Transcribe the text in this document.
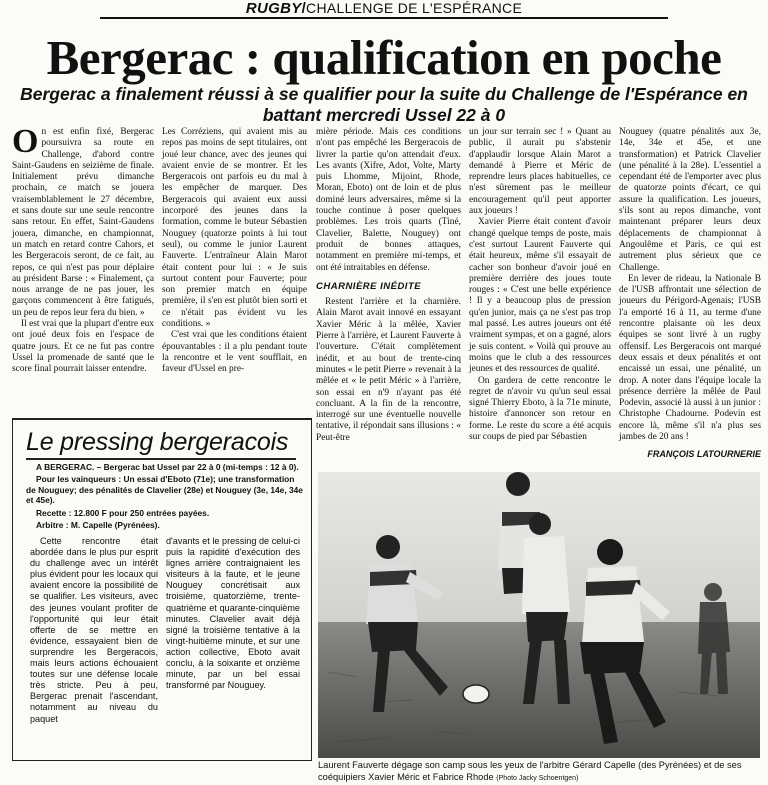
RUGBY/CHALLENGE DE L'ESPÉRANCE
Bergerac : qualification en poche
Bergerac a finalement réussi à se qualifier pour la suite du Challenge de l'Espérance en battant mercredi Ussel 22 à 0

On est enfin fixé, Bergerac poursuivra sa route en Challenge, d'abord contre Saint-Gaudens en seizième de finale. Initialement prévu dimanche prochain, ce match se jouera vraisemblablement le 27 décembre, et sans doute sur une seule rencontre sans retour. En effet, Saint-Gaudens jouera, dimanche, en championnat, un match en retard contre Cahors, et les Bergeracois seront, de ce fait, au repos, ce qui n'est pas pour déplaire au président Barse : « Finalement, ça nous arrange de ne pas jouer, les garçons commencent à être fatigués, un peu de repos leur fera du bien. »

Il est vrai que la plupart d'entre eux ont joué deux fois en l'espace de quatre jours. Et ce ne fut pas contre Ussel la promenade de santé que le score final pourrait laisser entendre.

Les Corréziens, qui avaient mis au repos pas moins de sept titulaires, ont joué leur chance, avec des jeunes qui avaient envie de se montrer. Et les Bergeracois ont parfois eu du mal à les empêcher de marquer. Des Bergeracois qui avaient eux aussi incorporé des jeunes dans la formation, comme le buteur Sébastien Nouguey (quatorze points à lui tout seul), ou comme le junior Laurent Fauverte. L'entraîneur Alain Marot était content pour lui : « Je suis surtout content pour Fauverte; pour son premier match en équipe première, il s'en est plutôt bien sorti et ce n'était pas évident vu les conditions. »

C'est vrai que les conditions étaient épouvantables : il a plu pendant toute la rencontre et le vent soufflait, en faveur d'Ussel en pre-

mière période. Mais ces conditions n'ont pas empêché les Bergeracois de livrer la partie qu'on attendait d'eux. Les avants (Xifre, Adot, Volte, Marty puis Lhomme, Mijoint, Rhode, Moran, Eboto) ont de loin et de plus dominé leurs adversaires, même si la touche continue à poser quelques problèmes. Les trois quarts (Tiné, Clavelier, Balette, Nouguey) ont produit de bonnes attaques, notamment en première mi-temps, et ont été intraitables en défense.

CHARNIÈRE INÉDITE

Restent l'arrière et la charnière. Alain Marot avait innové en essayant Xavier Méric à la mêlée, Xavier Pierre à l'arrière, et Laurent Fauverte à l'ouverture. C'était complètement inédit, et au bout de trente-cinq minutes « le petit Pierre » revenait à la mêlée et « le petit Méric » à l'arrière, son essai en n'9 n'ayant pas été concluant. A la fin de la rencontre, interrogé sur une éventuelle nouvelle tentative, il répondait sans illusions : « Peut-être

un jour sur terrain sec ! » Quant au public, il aurait pu s'abstenir d'applaudir lorsque Alain Marot a demandé à Pierre et Méric de reprendre leurs places habituelles, ce n'est sûrement pas le meilleur encouragement qu'il peut apporter aux joueurs !

Xavier Pierre était content d'avoir changé quelque temps de poste, mais c'est surtout Laurent Fauverte qui était heureux, même s'il essayait de cacher son bonheur d'avoir joué en première derrière des joues toute rouges : « C'est une belle expérience ! Il y a beaucoup plus de pression qu'en junior, mais ça ne s'est pas trop mal passé. Les autres joueurs ont été vraiment sympas, et on a gagné, alors je suis content. » Voilà qui prouve au moins que le club a des ressources jeunes et des ressources de qualité.

On gardera de cette rencontre le regret de n'avoir vu qu'un seul essai signé Thierry Eboto, à la 71e minute, histoire d'annoncer son retour en forme. Le reste du score a été acquis sur coups de pied par Sébastien

Nouguey (quatre pénalités aux 3e, 14e, 34e et 45e, et une transformation) et Patrick Clavelier (une pénalité à la 28e). L'essentiel a cependant été de l'emporter avec plus de quatorze points d'écart, ce qui assure la qualification. Les joueurs, s'ils sont au repos dimanche, vont maintenant préparer leurs deux déplacements de championnat à Angoulême et Paris, ce qui est autrement plus sérieux que ce Challenge.

En lever de rideau, la Nationale B de l'USB affrontait une sélection de joueurs du Périgord-Agenais; l'USB l'a emporté 16 à 11, au terme d'une rencontre plaisante où les deux équipes se sont livré à un rugby offensif. Les Bergeracois ont marqué deux essais et deux pénalités et ont encaissé un essai, une pénalité, un drop. A noter dans l'équipe locale la présence derrière la mêlée de Paul Podevin, associé là aussi à un junior : Christophe Chadourne. Podevin est encore là, même s'il n'a plus ses jambes de 20 ans !

FRANÇOIS LATOURNERIE
Le pressing bergeracois

A BERGERAC. – Bergerac bat Ussel par 22 à 0 (mi-temps : 12 à 0).

Pour les vainqueurs : Un essai d'Eboto (71e); une transformation de Nouguey; des pénalités de Clavelier (28e) et Nouguey (3e, 14e, 34e et 45e).

Recette : 12.800 F pour 250 entrées payées.

Arbitre : M. Capelle (Pyrénées).

Cette rencontre était abordée dans le plus pur esprit du challenge avec un intérêt plus évident pour les locaux qui avaient encore la possibilité de se qualifier. Les visiteurs, avec des jeunes voulant profiter de l'opportunité qui leur était offerte de se mettre en évidence, essayaient bien de surprendre les Bergeracois, mais leurs actions échouaient toutes sur une défense locale très stricte. Peu à peu, Bergerac prenait l'ascendant, notamment au niveau du paquet

d'avants et le pressing de celui-ci puis la rapidité d'exécution des lignes arrière contraignaient les visiteurs à la faute, et le jeune Nouguey concrétisait aux troisième, quatorzième, trente-quatrième et quarante-cinquième minutes. Clavelier avait déjà signé la troisième tentative à la vingt-huitième minute, et sur une action collective, Eboto avait conclu, à la soixante et onzième minute, par un bel essai transformé par Nouguey.

Laurent Fauverte dégage son camp sous les yeux de l'arbitre Gérard Capelle (des Pyrénées) et de ses coéquipiers Xavier Méric et Fabrice Rhode (Photo Jacky Schoentgen)
